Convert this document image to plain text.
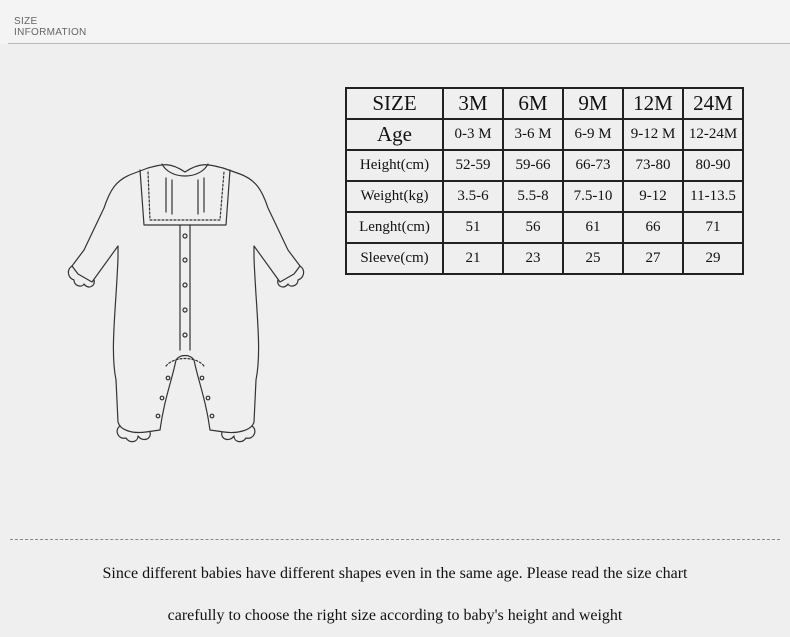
SIZE
INFORMATION
SIZE	3M	6M	9M	12M	24M
Age	0-3 M	3-6 M	6-9 M	9-12 M	12-24M
Height(cm)	52-59	59-66	66-73	73-80	80-90
Weight(kg)	3.5-6	5.5-8	7.5-10	9-12	11-13.5
Lenght(cm)	51	56	61	66	71
Sleeve(cm)	21	23	25	27	29
Since different babies have different shapes even in the same age. Please read the size chart
carefully to choose the right size according to baby's height and weight
